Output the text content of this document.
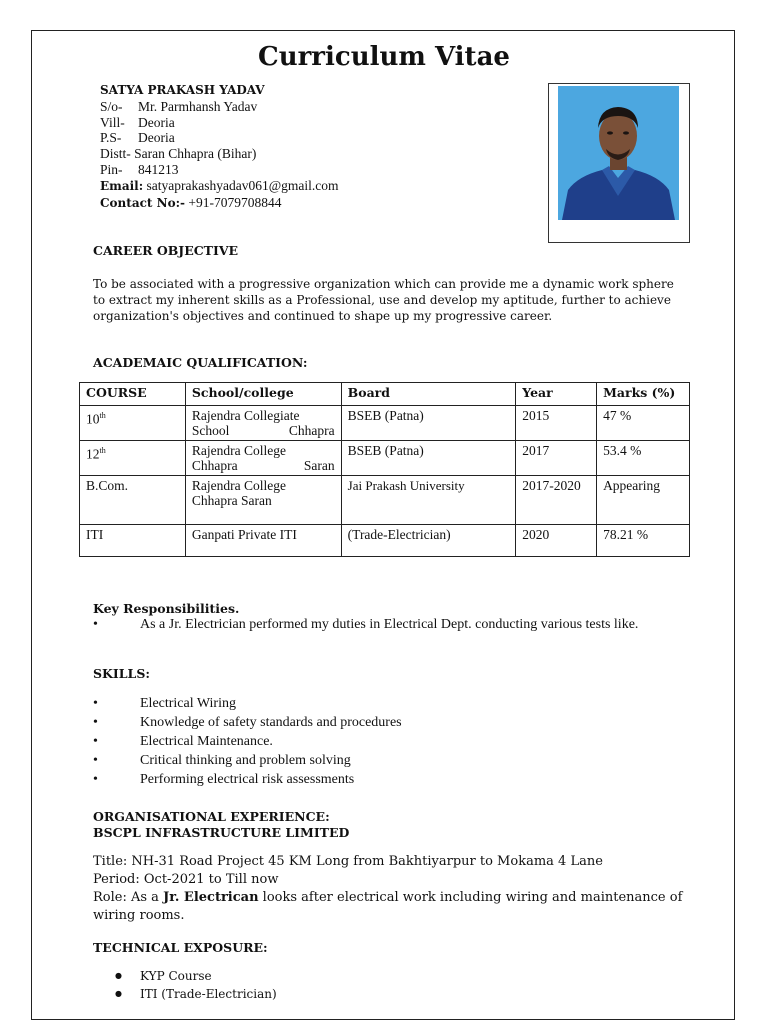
Curriculum Vitae
SATYA PRAKASH YADAV
S/o- Mr. Parmhansh Yadav
Vill- Deoria
P.S- Deoria
Distt- Saran Chhapra (Bihar)
Pin- 841213
Email: satyaprakashyadav061@gmail.com
Contact No:- +91-7079708844
CAREER OBJECTIVE
To be associated with a progressive organization which can provide me a dynamic work sphere to extract my inherent skills as a Professional, use and develop my aptitude, further to achieve organization's objectives and continued to shape up my progressive career.
ACADEMAIC QUALIFICATION:
COURSE	School/college	Board	Year	Marks (%)
10th	Rajendra Collegiate School Chhapra	BSEB (Patna)	2015	47 %
12th	Rajendra College Chhapra Saran	BSEB (Patna)	2017	53.4 %
B.Com.	Rajendra College Chhapra Saran	Jai Prakash University	2017-2020	Appearing
ITI	Ganpati Private ITI	(Trade-Electrician)	2020	78.21 %
Key Responsibilities.
•	As a Jr. Electrician performed my duties in Electrical Dept. conducting various tests like.
SKILLS:
• Electrical Wiring
• Knowledge of safety standards and procedures
• Electrical Maintenance.
• Critical thinking and problem solving
• Performing electrical risk assessments
ORGANISATIONAL EXPERIENCE:
BSCPL INFRASTRUCTURE LIMITED
Title: NH-31 Road Project 45 KM Long from Bakhtiyarpur to Mokama 4 Lane
Period: Oct-2021 to Till now
Role: As a Jr. Electrican looks after electrical work including wiring and maintenance of wiring rooms.
TECHNICAL EXPOSURE:
● KYP Course
● ITI (Trade-Electrician)
